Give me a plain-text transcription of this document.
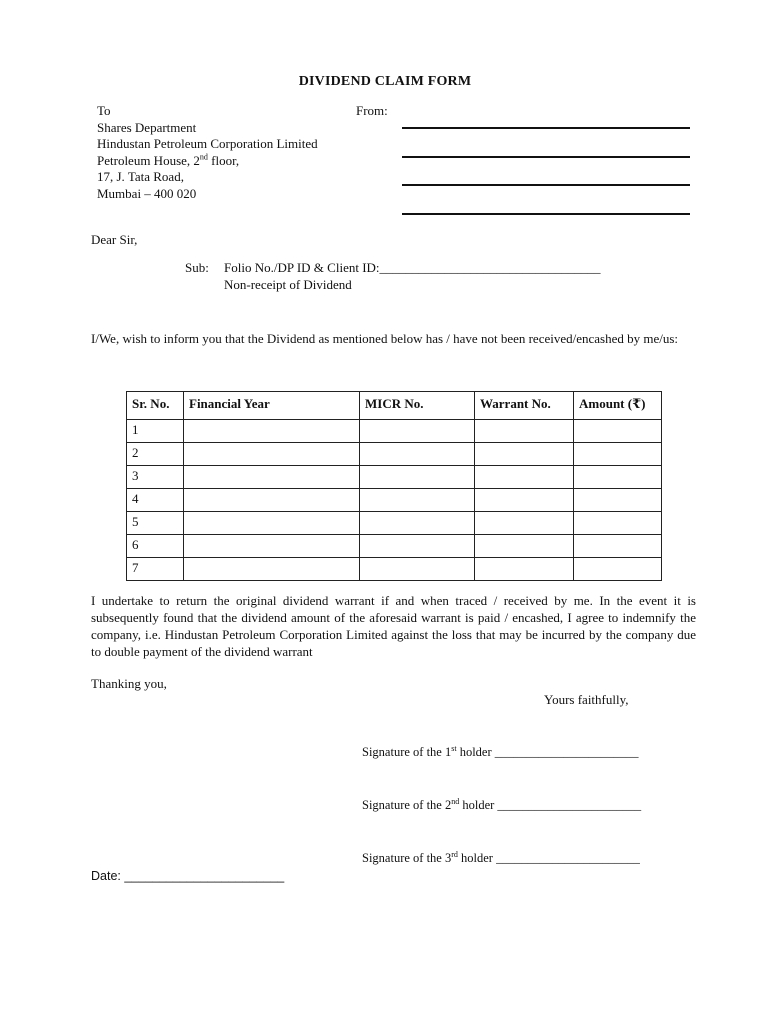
DIVIDEND CLAIM FORM
To
Shares Department
Hindustan Petroleum Corporation Limited
Petroleum House, 2nd floor,
17, J. Tata Road,
Mumbai – 400 020
From:
Dear Sir,
Sub: Folio No./DP ID & Client ID:__________________________________
Non-receipt of Dividend
I/We, wish to inform you that the Dividend as mentioned below has / have not been received/encashed by me/us:
Sr. No.	Financial Year	MICR No.	Warrant No.	Amount (₹)

1				

2				
3				
4				
5				
6				
7				
I undertake to return the original dividend warrant if and when traced / received by me. In the event it is subsequently found that the dividend amount of the aforesaid warrant is paid / encashed, I agree to indemnify the company, i.e. Hindustan Petroleum Corporation Limited against the loss that may be incurred by the company due to double payment of the dividend warrant
Thanking you,
Yours faithfully,
Signature of the 1st holder _______________________
Signature of the 2nd holder _______________________
Signature of the 3rd holder _______________________
Date: _______________________
